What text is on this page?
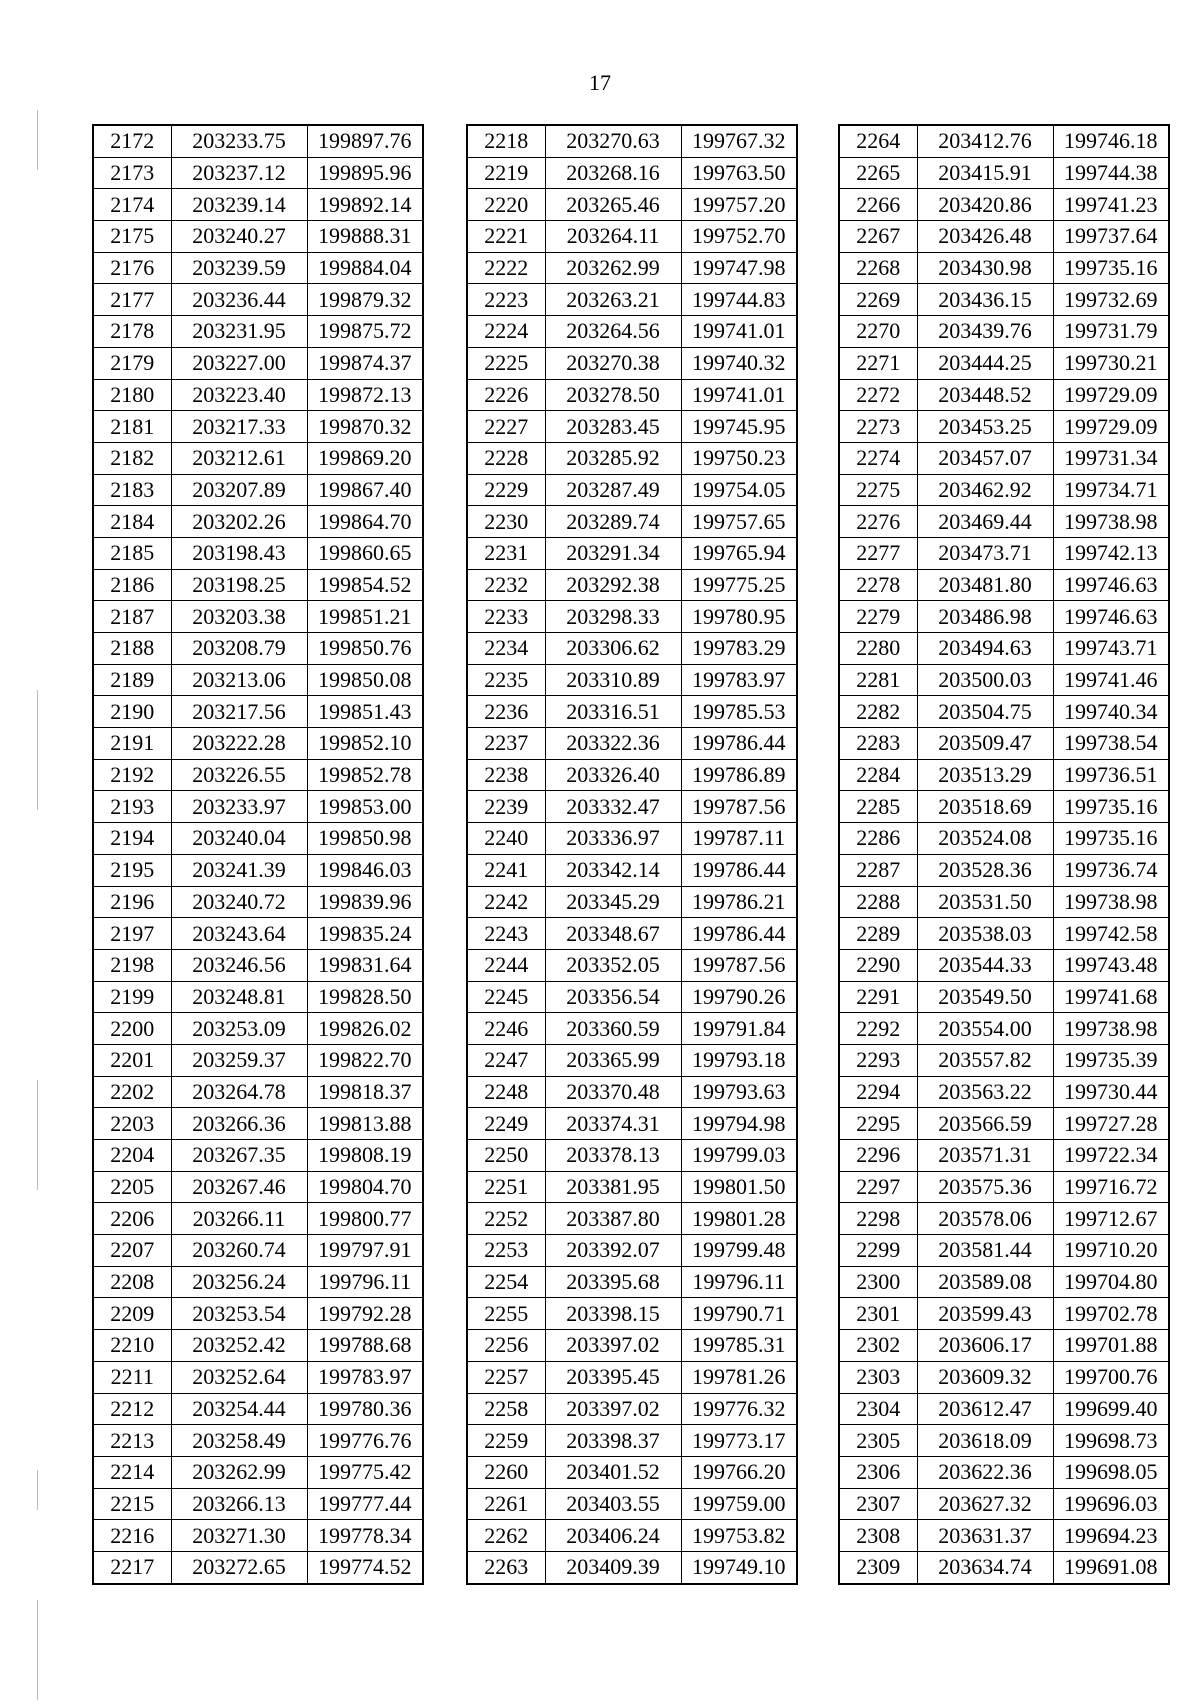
17
2172	203233.75	199897.76
2173	203237.12	199895.96
2174	203239.14	199892.14
2175	203240.27	199888.31
2176	203239.59	199884.04
2177	203236.44	199879.32
2178	203231.95	199875.72
2179	203227.00	199874.37
2180	203223.40	199872.13
2181	203217.33	199870.32
2182	203212.61	199869.20
2183	203207.89	199867.40
2184	203202.26	199864.70
2185	203198.43	199860.65
2186	203198.25	199854.52
2187	203203.38	199851.21
2188	203208.79	199850.76
2189	203213.06	199850.08
2190	203217.56	199851.43
2191	203222.28	199852.10
2192	203226.55	199852.78
2193	203233.97	199853.00
2194	203240.04	199850.98
2195	203241.39	199846.03
2196	203240.72	199839.96
2197	203243.64	199835.24
2198	203246.56	199831.64
2199	203248.81	199828.50
2200	203253.09	199826.02
2201	203259.37	199822.70
2202	203264.78	199818.37
2203	203266.36	199813.88
2204	203267.35	199808.19
2205	203267.46	199804.70
2206	203266.11	199800.77
2207	203260.74	199797.91
2208	203256.24	199796.11
2209	203253.54	199792.28
2210	203252.42	199788.68
2211	203252.64	199783.97
2212	203254.44	199780.36
2213	203258.49	199776.76
2214	203262.99	199775.42
2215	203266.13	199777.44
2216	203271.30	199778.34
2217	203272.65	199774.52
2218	203270.63	199767.32
2219	203268.16	199763.50
2220	203265.46	199757.20
2221	203264.11	199752.70
2222	203262.99	199747.98
2223	203263.21	199744.83
2224	203264.56	199741.01
2225	203270.38	199740.32
2226	203278.50	199741.01
2227	203283.45	199745.95
2228	203285.92	199750.23
2229	203287.49	199754.05
2230	203289.74	199757.65
2231	203291.34	199765.94
2232	203292.38	199775.25
2233	203298.33	199780.95
2234	203306.62	199783.29
2235	203310.89	199783.97
2236	203316.51	199785.53
2237	203322.36	199786.44
2238	203326.40	199786.89
2239	203332.47	199787.56
2240	203336.97	199787.11
2241	203342.14	199786.44
2242	203345.29	199786.21
2243	203348.67	199786.44
2244	203352.05	199787.56
2245	203356.54	199790.26
2246	203360.59	199791.84
2247	203365.99	199793.18
2248	203370.48	199793.63
2249	203374.31	199794.98
2250	203378.13	199799.03
2251	203381.95	199801.50
2252	203387.80	199801.28
2253	203392.07	199799.48
2254	203395.68	199796.11
2255	203398.15	199790.71
2256	203397.02	199785.31
2257	203395.45	199781.26
2258	203397.02	199776.32
2259	203398.37	199773.17
2260	203401.52	199766.20
2261	203403.55	199759.00
2262	203406.24	199753.82
2263	203409.39	199749.10
2264	203412.76	199746.18
2265	203415.91	199744.38
2266	203420.86	199741.23
2267	203426.48	199737.64
2268	203430.98	199735.16
2269	203436.15	199732.69
2270	203439.76	199731.79
2271	203444.25	199730.21
2272	203448.52	199729.09
2273	203453.25	199729.09
2274	203457.07	199731.34
2275	203462.92	199734.71
2276	203469.44	199738.98
2277	203473.71	199742.13
2278	203481.80	199746.63
2279	203486.98	199746.63
2280	203494.63	199743.71
2281	203500.03	199741.46
2282	203504.75	199740.34
2283	203509.47	199738.54
2284	203513.29	199736.51
2285	203518.69	199735.16
2286	203524.08	199735.16
2287	203528.36	199736.74
2288	203531.50	199738.98
2289	203538.03	199742.58
2290	203544.33	199743.48
2291	203549.50	199741.68
2292	203554.00	199738.98
2293	203557.82	199735.39
2294	203563.22	199730.44
2295	203566.59	199727.28
2296	203571.31	199722.34
2297	203575.36	199716.72
2298	203578.06	199712.67
2299	203581.44	199710.20
2300	203589.08	199704.80
2301	203599.43	199702.78
2302	203606.17	199701.88
2303	203609.32	199700.76
2304	203612.47	199699.40
2305	203618.09	199698.73
2306	203622.36	199698.05
2307	203627.32	199696.03
2308	203631.37	199694.23
2309	203634.74	199691.08
